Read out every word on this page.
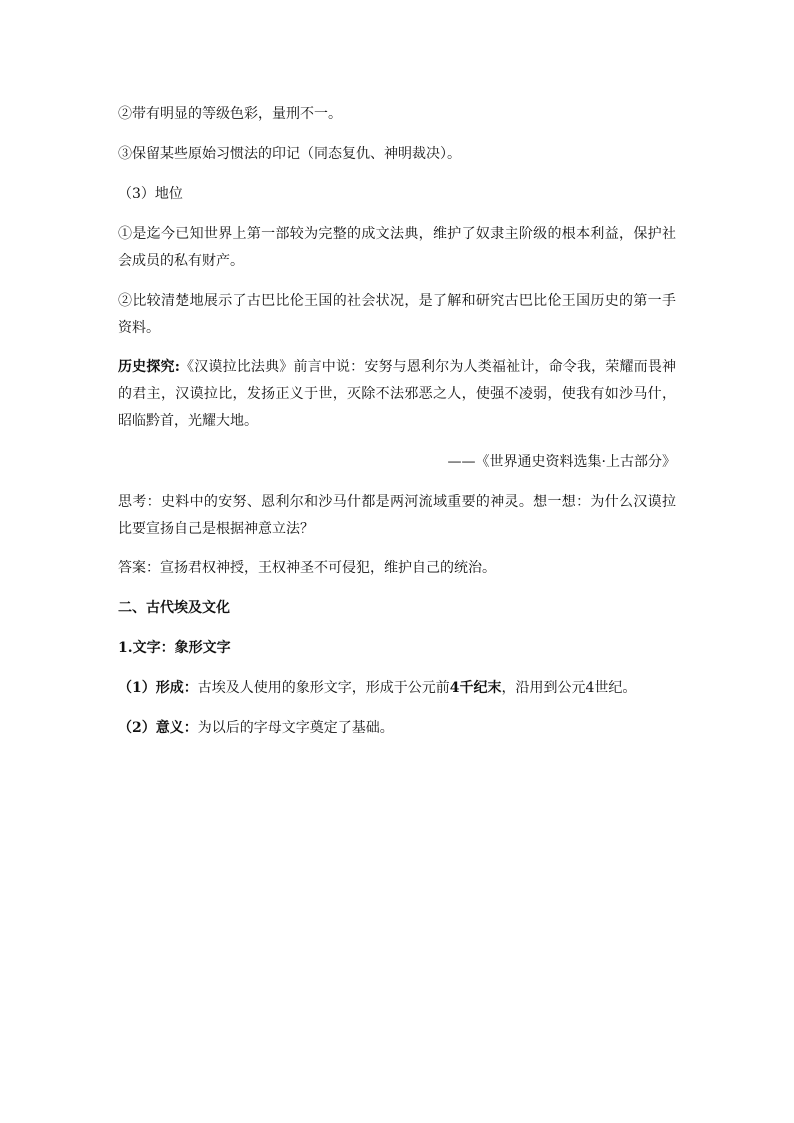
②带有明显的等级色彩，量刑不一。
③保留某些原始习惯法的印记（同态复仇、神明裁决）。
（3）地位
①是迄今已知世界上第一部较为完整的成文法典，维护了奴隶主阶级的根本利益，保护社会成员的私有财产。
②比较清楚地展示了古巴比伦王国的社会状况，是了解和研究古巴比伦王国历史的第一手资料。
历史探究:《汉谟拉比法典》前言中说：安努与恩利尔为人类福祉计，命令我，荣耀而畏神的君主，汉谟拉比，发扬正义于世，灭除不法邪恶之人，使强不凌弱，使我有如沙马什，昭临黔首，光耀大地。
——《世界通史资料选集·上古部分》
思考：史料中的安努、恩利尔和沙马什都是两河流域重要的神灵。想一想：为什么汉谟拉比要宣扬自己是根据神意立法？
答案：宣扬君权神授，王权神圣不可侵犯，维护自己的统治。
二、古代埃及文化
1.文字：象形文字
（1）形成：古埃及人使用的象形文字，形成于公元前4千纪末，沿用到公元4世纪。
（2）意义：为以后的字母文字奠定了基础。
